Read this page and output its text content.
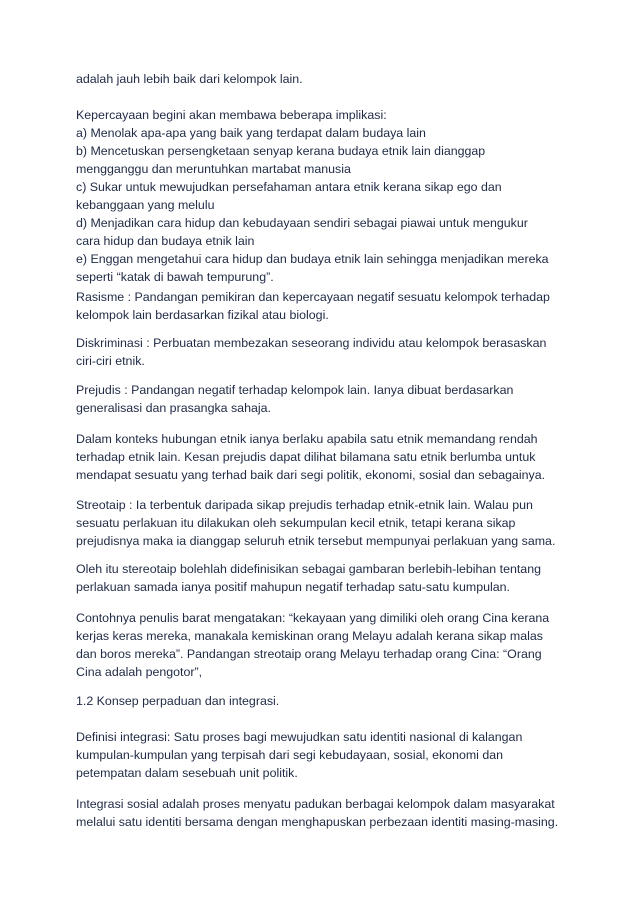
adalah jauh lebih baik dari kelompok lain.

Kepercayaan begini akan membawa beberapa implikasi:
a) Menolak apa-apa yang baik yang terdapat dalam budaya lain
b) Mencetuskan persengketaan senyap kerana budaya etnik lain dianggap
mengganggu dan meruntuhkan martabat manusia
c) Sukar untuk mewujudkan persefahaman antara etnik kerana sikap ego dan
kebanggaan yang melulu
d) Menjadikan cara hidup dan kebudayaan sendiri sebagai piawai untuk mengukur
cara hidup dan budaya etnik lain
e) Enggan mengetahui cara hidup dan budaya etnik lain sehingga menjadikan mereka
seperti “katak di bawah tempurung”.

Rasisme : Pandangan pemikiran dan kepercayaan negatif sesuatu kelompok terhadap
kelompok lain berdasarkan fizikal atau biologi.

Diskriminasi : Perbuatan membezakan seseorang individu atau kelompok berasaskan
ciri-ciri etnik.

Prejudis : Pandangan negatif terhadap kelompok lain. Ianya dibuat berdasarkan
generalisasi dan prasangka sahaja.

Dalam konteks hubungan etnik ianya berlaku apabila satu etnik memandang rendah
terhadap etnik lain. Kesan prejudis dapat dilihat bilamana satu etnik berlumba untuk
mendapat sesuatu yang terhad baik dari segi politik, ekonomi, sosial dan sebagainya.

Streotaip : Ia terbentuk daripada sikap prejudis terhadap etnik-etnik lain. Walau pun
sesuatu perlakuan itu dilakukan oleh sekumpulan kecil etnik, tetapi kerana sikap
prejudisnya maka ia dianggap seluruh etnik tersebut mempunyai perlakuan yang sama.

Oleh itu stereotaip bolehlah didefinisikan sebagai gambaran berlebih-lebihan tentang
perlakuan samada ianya positif mahupun negatif terhadap satu-satu kumpulan.

Contohnya penulis barat mengatakan: “kekayaan yang dimiliki oleh orang Cina kerana
kerjas keras mereka, manakala kemiskinan orang Melayu adalah kerana sikap malas
dan boros mereka”. Pandangan streotaip orang Melayu terhadap orang Cina: “Orang
Cina adalah pengotor”,

1.2 Konsep perpaduan dan integrasi.

Definisi integrasi: Satu proses bagi mewujudkan satu identiti nasional di kalangan
kumpulan-kumpulan yang terpisah dari segi kebudayaan, sosial, ekonomi dan
petempatan dalam sesebuah unit politik.

Integrasi sosial adalah proses menyatu padukan berbagai kelompok dalam masyarakat
melalui satu identiti bersama dengan menghapuskan perbezaan identiti masing-masing.
